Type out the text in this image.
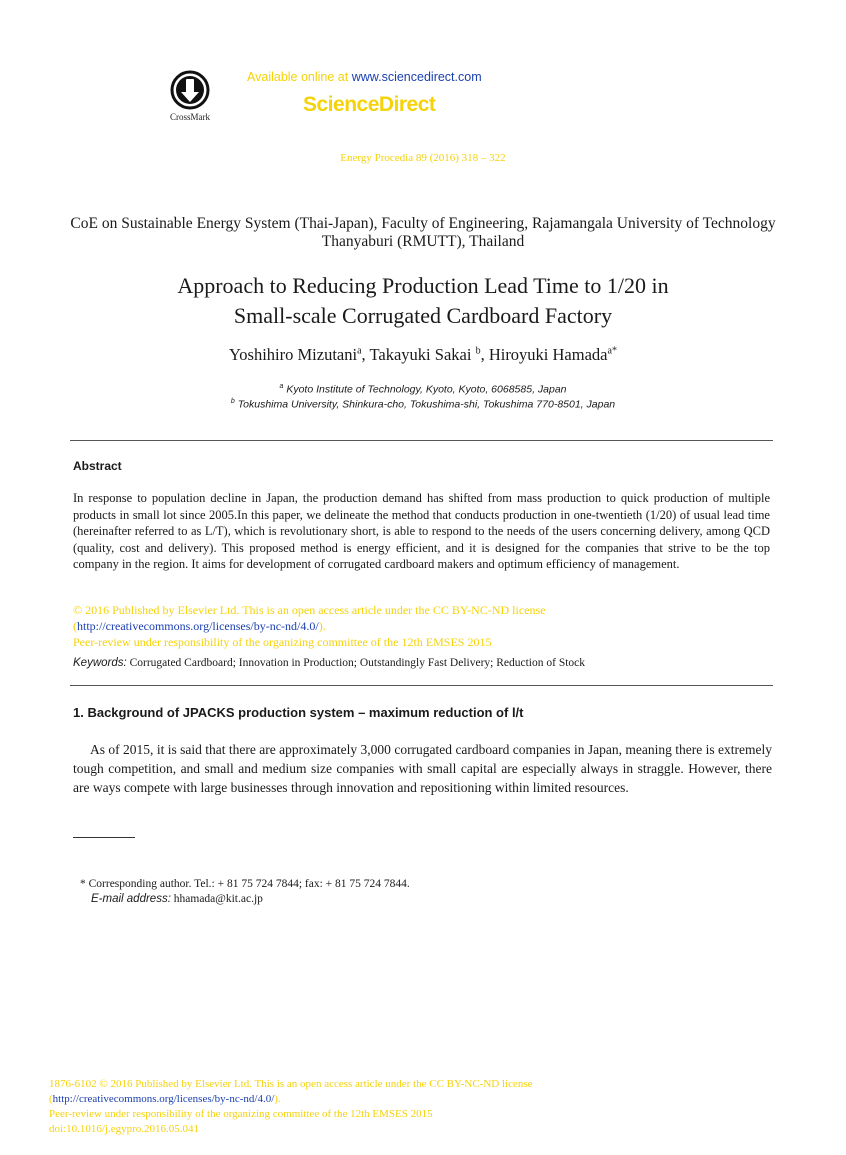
CrossMark
Available online at www.sciencedirect.com
ScienceDirect
Energy Procedia 89 (2016) 318 – 322
CoE on Sustainable Energy System (Thai-Japan), Faculty of Engineering, Rajamangala University of Technology Thanyaburi (RMUTT), Thailand
Approach to Reducing Production Lead Time to 1/20 in
Small-scale Corrugated Cardboard Factory
Yoshihiro Mizutani$^a$, Takayuki Sakai $^b$, Hiroyuki Hamada$^{a*}$
$^a$ Kyoto Institute of Technology, Kyoto, Kyoto, 6068585, Japan
$^b$ Tokushima University, Shinkura-cho, Tokushima-shi, Tokushima 770-8501, Japan
Abstract
In response to population decline in Japan, the production demand has shifted from mass production to quick production of multiple products in small lot since 2005.In this paper, we delineate the method that conducts production in one-twentieth (1/20) of usual lead time (hereinafter referred to as L/T), which is revolutionary short, is able to respond to the needs of the users concerning delivery, among QCD (quality, cost and delivery). This proposed method is energy efficient, and it is designed for the companies that strive to be the top company in the region. It aims for development of corrugated cardboard makers and optimum efficiency of management.
© 2016 Published by Elsevier Ltd. This is an open access article under the CC BY-NC-ND license
(http://creativecommons.org/licenses/by-nc-nd/4.0/).
Peer-review under responsibility of the organizing committee of the 12th EMSES 2015
Keywords: Corrugated Cardboard; Innovation in Production; Outstandingly Fast Delivery; Reduction of Stock
1. Background of JPACKS production system – maximum reduction of l/t
As of 2015, it is said that there are approximately 3,000 corrugated cardboard companies in Japan, meaning there is extremely tough competition, and small and medium size companies with small capital are especially always in straggle. However, there are ways compete with large businesses through innovation and repositioning within limited resources.
* Corresponding author. Tel.: + 81 75 724 7844; fax: + 81 75 724 7844.
E-mail address: hhamada@kit.ac.jp
1876-6102 © 2016 Published by Elsevier Ltd. This is an open access article under the CC BY-NC-ND license
(http://creativecommons.org/licenses/by-nc-nd/4.0/).
Peer-review under responsibility of the organizing committee of the 12th EMSES 2015
doi:10.1016/j.egypro.2016.05.041
